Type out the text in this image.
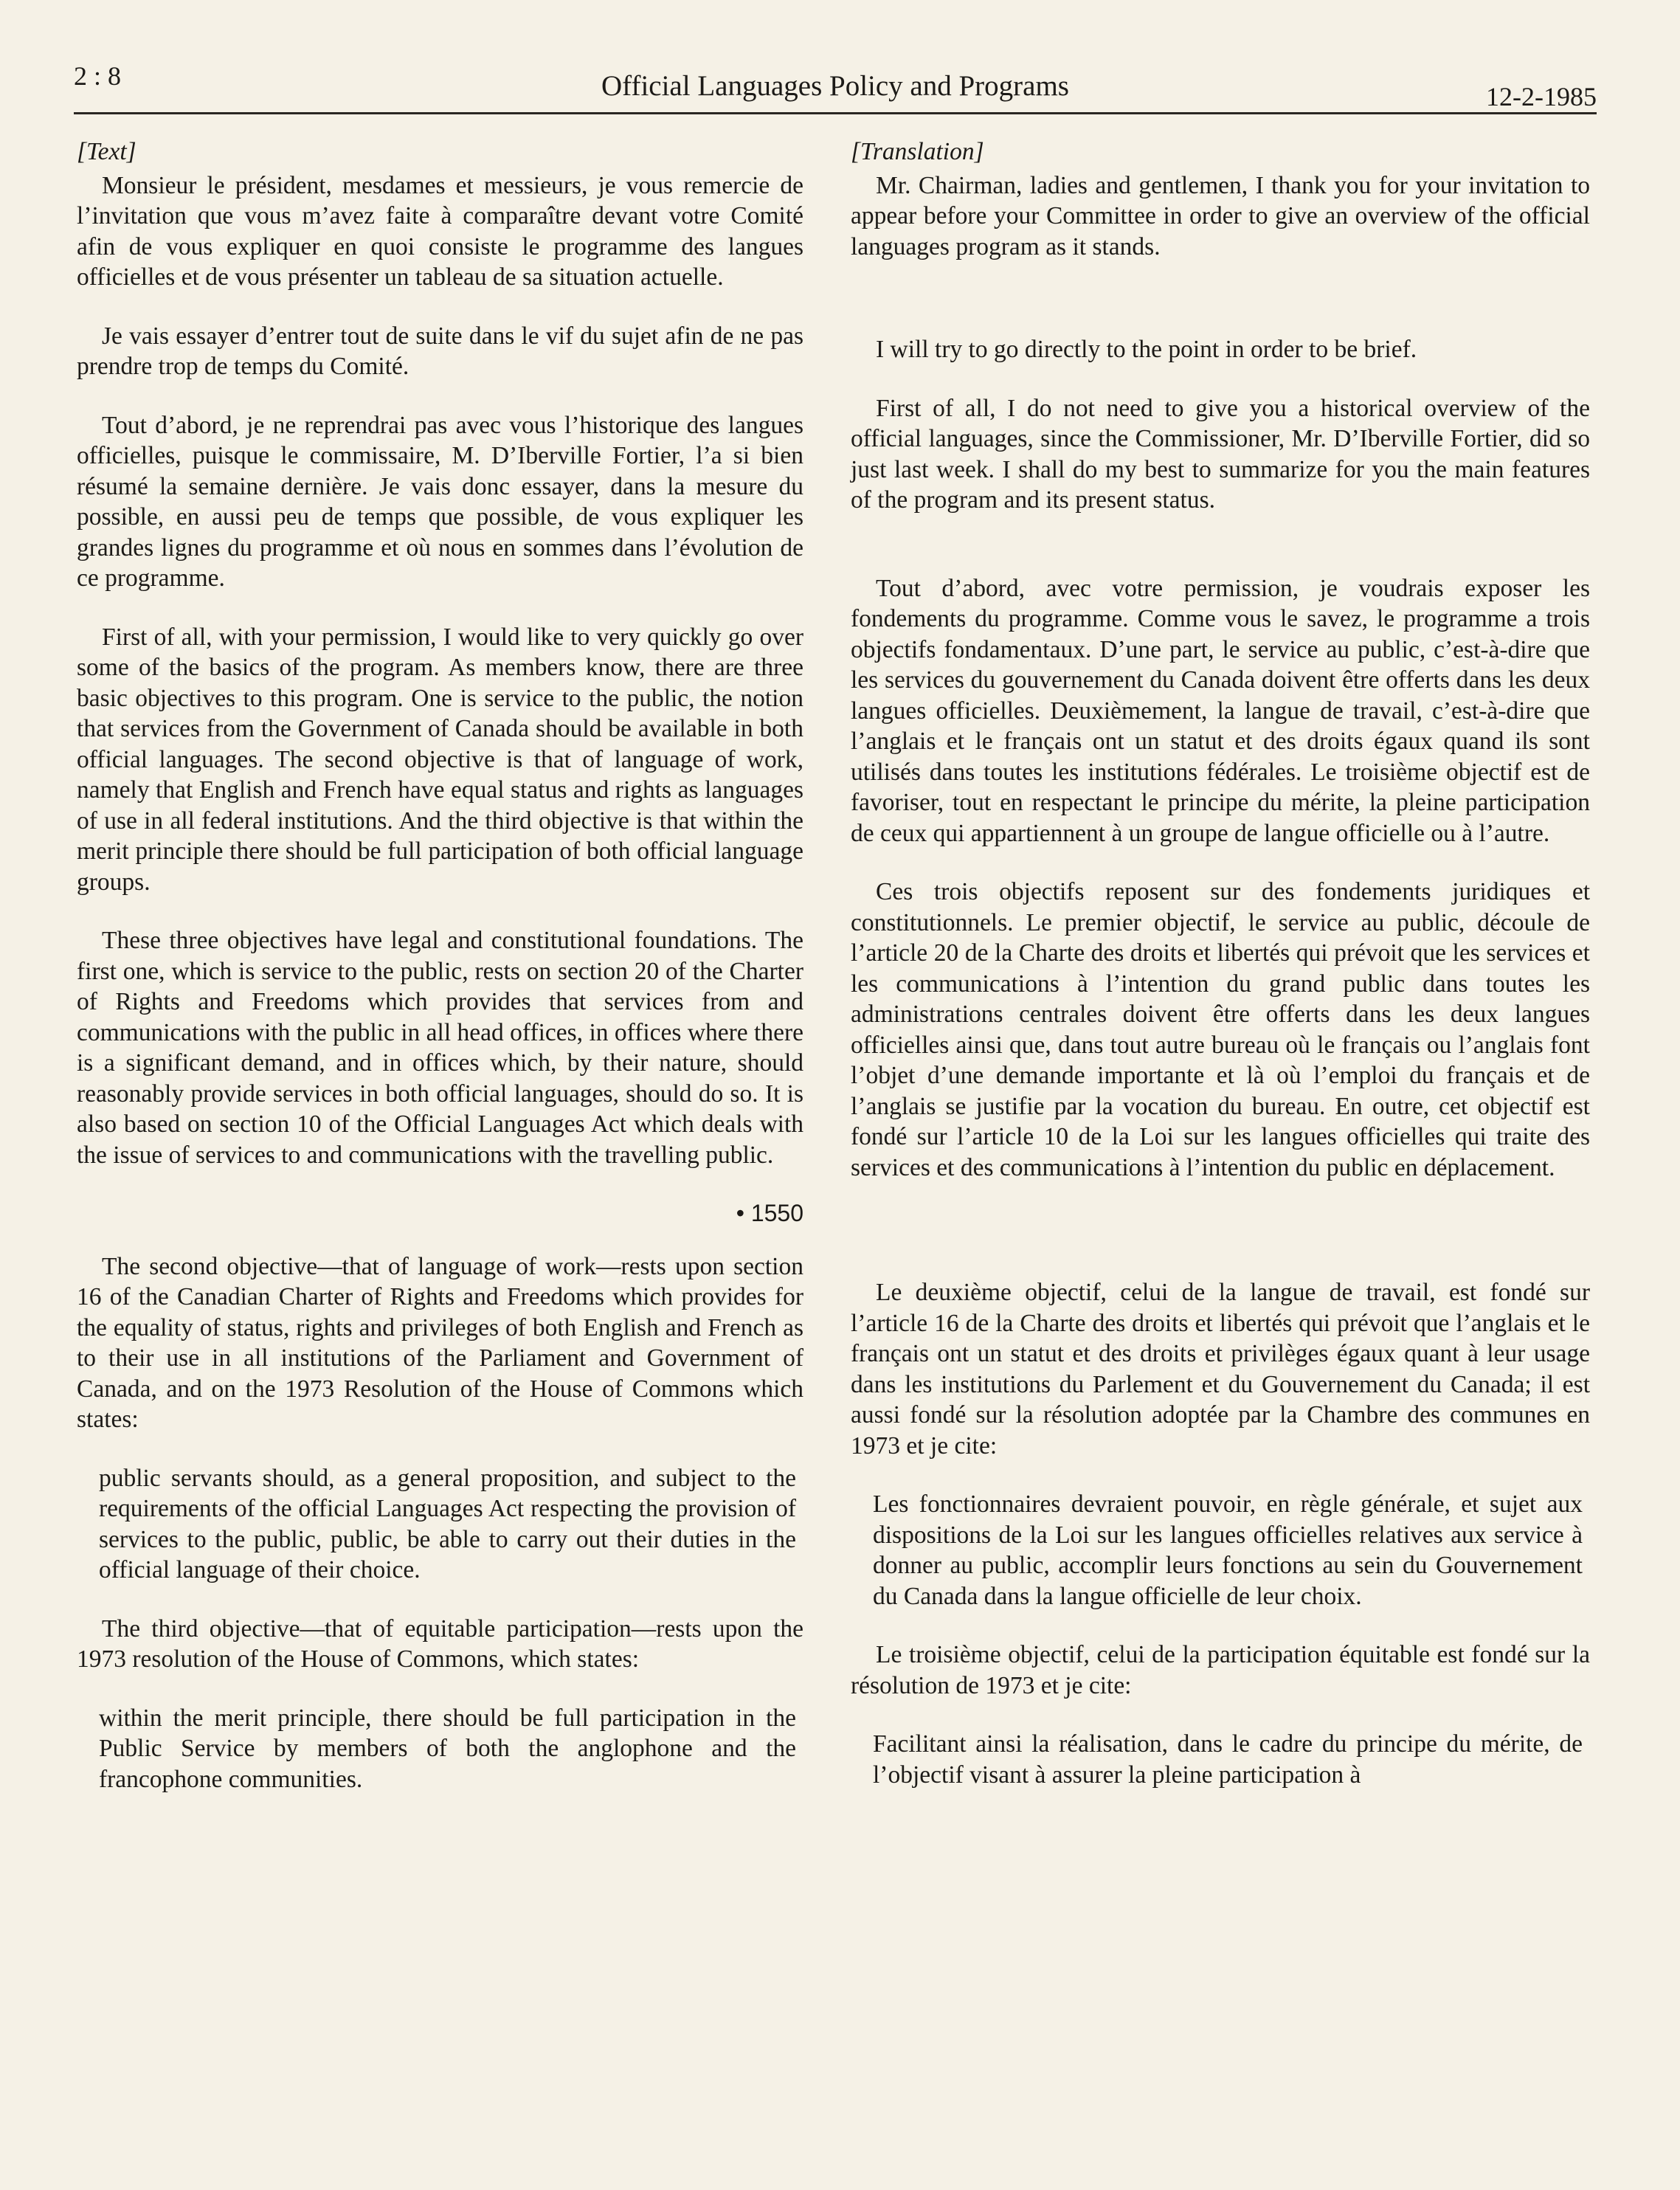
2 : 8	Official Languages Policy and Programs	12-2-1985
[Text]

Monsieur le président, mesdames et messieurs, je vous remercie de l’invitation que vous m’avez faite à comparaître devant votre Comité afin de vous expliquer en quoi consiste le programme des langues officielles et de vous présenter un tableau de sa situation actuelle.

Je vais essayer d’entrer tout de suite dans le vif du sujet afin de ne pas prendre trop de temps du Comité.

Tout d’abord, je ne reprendrai pas avec vous l’historique des langues officielles, puisque le commissaire, M. D’Iberville Fortier, l’a si bien résumé la semaine dernière. Je vais donc essayer, dans la mesure du possible, en aussi peu de temps que possible, de vous expliquer les grandes lignes du programme et où nous en sommes dans l’évolution de ce programme.

First of all, with your permission, I would like to very quickly go over some of the basics of the program. As members know, there are three basic objectives to this program. One is service to the public, the notion that services from the Government of Canada should be available in both official languages. The second objective is that of language of work, namely that English and French have equal status and rights as languages of use in all federal institutions. And the third objective is that within the merit principle there should be full participation of both official language groups.

These three objectives have legal and constitutional foundations. The first one, which is service to the public, rests on section 20 of the Charter of Rights and Freedoms which provides that services from and communications with the public in all head offices, in offices where there is a significant demand, and in offices which, by their nature, should reasonably provide services in both official languages, should do so. It is also based on section 10 of the Official Languages Act which deals with the issue of services to and communications with the travelling public.

• 1550

The second objective—that of language of work—rests upon section 16 of the Canadian Charter of Rights and Freedoms which provides for the equality of status, rights and privileges of both English and French as to their use in all institutions of the Parliament and Government of Canada, and on the 1973 Resolution of the House of Commons which states:

public servants should, as a general proposition, and subject to the requirements of the official Languages Act respecting the provision of services to the public, public, be able to carry out their duties in the official language of their choice.

The third objective—that of equitable participation—rests upon the 1973 resolution of the House of Commons, which states:

within the merit principle, there should be full participation in the Public Service by members of both the anglophone and the francophone communities.

[Translation]

Mr. Chairman, ladies and gentlemen, I thank you for your invitation to appear before your Committee in order to give an overview of the official languages program as it stands.

I will try to go directly to the point in order to be brief.

First of all, I do not need to give you a historical overview of the official languages, since the Commissioner, Mr. D’Iberville Fortier, did so just last week. I shall do my best to summarize for you the main features of the program and its present status.

Tout d’abord, avec votre permission, je voudrais exposer les fondements du programme. Comme vous le savez, le programme a trois objectifs fondamentaux. D’une part, le service au public, c’est-à-dire que les services du gouvernement du Canada doivent être offerts dans les deux langues officielles. Deuxièmement, la langue de travail, c’est-à-dire que l’anglais et le français ont un statut et des droits égaux quand ils sont utilisés dans toutes les institutions fédérales. Le troisième objectif est de favoriser, tout en respectant le principe du mérite, la pleine participation de ceux qui appartiennent à un groupe de langue officielle ou à l’autre.

Ces trois objectifs reposent sur des fondements juridiques et constitutionnels. Le premier objectif, le service au public, découle de l’article 20 de la Charte des droits et libertés qui prévoit que les services et les communications à l’intention du grand public dans toutes les administrations centrales doivent être offerts dans les deux langues officielles ainsi que, dans tout autre bureau où le français ou l’anglais font l’objet d’une demande importante et là où l’emploi du français et de l’anglais se justifie par la vocation du bureau. En outre, cet objectif est fondé sur l’article 10 de la Loi sur les langues officielles qui traite des services et des communications à l’intention du public en déplacement.

Le deuxième objectif, celui de la langue de travail, est fondé sur l’article 16 de la Charte des droits et libertés qui prévoit que l’anglais et le français ont un statut et des droits et privilèges égaux quant à leur usage dans les institutions du Parlement et du Gouvernement du Canada; il est aussi fondé sur la résolution adoptée par la Chambre des communes en 1973 et je cite:

Les fonctionnaires devraient pouvoir, en règle générale, et sujet aux dispositions de la Loi sur les langues officielles relatives aux service à donner au public, accomplir leurs fonctions au sein du Gouvernement du Canada dans la langue officielle de leur choix.

Le troisième objectif, celui de la participation équitable est fondé sur la résolution de 1973 et je cite:

Facilitant ainsi la réalisation, dans le cadre du principe du mérite, de l’objectif visant à assurer la pleine participation à
